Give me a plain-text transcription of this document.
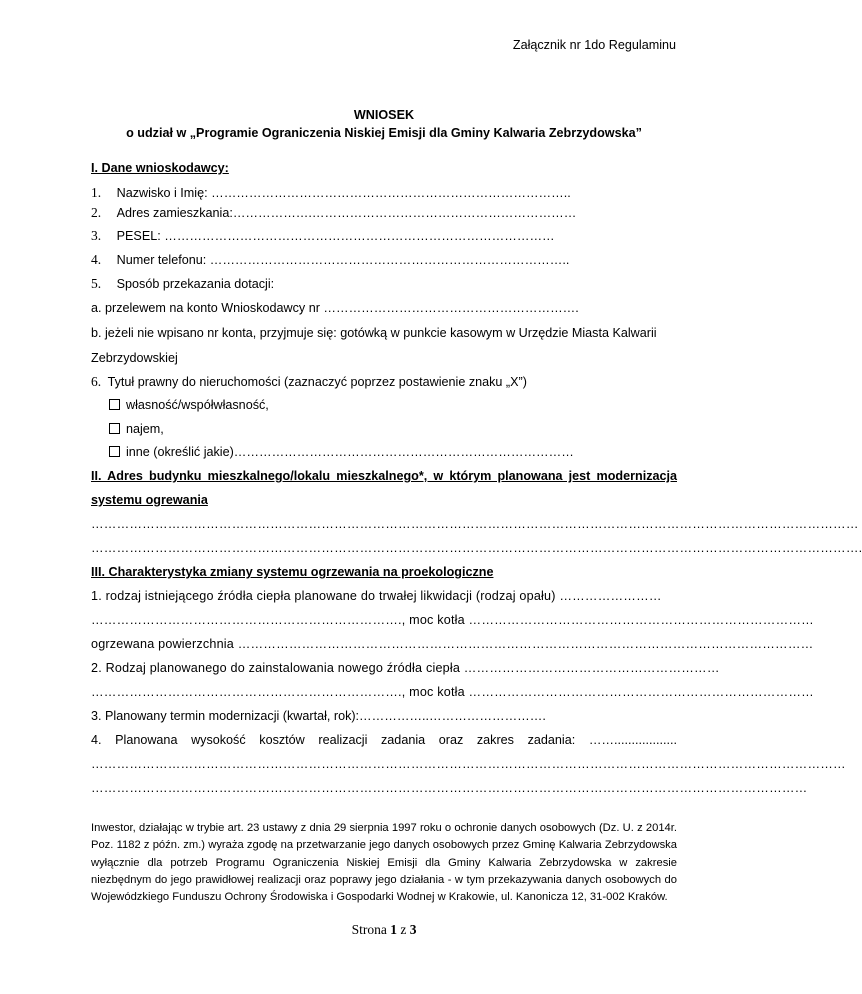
Załącznik nr 1do Regulaminu
WNIOSEK
o udział w „Programie Ograniczenia Niskiej Emisji dla Gminy Kalwaria Zebrzydowska”
I. Dane wnioskodawcy:
1. Nazwisko i Imię: …………………………………………………………………………..
2. Adres zamieszkania:……………….………………………………………………………
3. PESEL: …………………………………………………………………………………
4. Numer telefonu: …………………………………………………………………………..
5. Sposób przekazania dotacji:
a. przelewem na konto Wnioskodawcy nr …………………………………………………….
b. jeżeli nie wpisano nr konta, przyjmuje się: gotówką w punkcie kasowym w Urzędzie Miasta Kalwarii
Zebrzydowskiej
6. Tytuł prawny do nieruchomości (zaznaczyć poprzez postawienie znaku „X”)
własność/współwłasność,
najem,
inne (określić jakie)………………………………………………………………………
II. Adres budynku mieszkalnego/lokalu mieszkalnego*, w którym planowana jest modernizacja
systemu ogrewania
………………………………………………………………………………………………………………………………………………………………
……………………………………………………………………………………………………………………………………………………………….
III. Charakterystyka zmiany systemu ogrzewania na proekologiczne
1. rodzaj istniejącego źródła ciepła planowane do trwałej likwidacji (rodzaj opału) ……………………
………………………………………………………………., moc kotła ………………………………………………………………………
ogrzewana powierzchnia ………………………………………………………………………………………………………………………
2. Rodzaj planowanego do zainstalowania nowego źródła ciepła ……………………………………………………
………………………………………………………………., moc kotła ………………………………………………………………………
3. Planowany termin modernizacji (kwartał, rok):……………..……………………….
4. Planowana wysokość kosztów realizacji zadania oraz zakres zadania: ……..................
……………………………………………………………………………………………………………………………………………………………
……………………………………………………………………………………………………………………………………………………
Inwestor, działając w trybie art. 23 ustawy z dnia 29 sierpnia 1997 roku o ochronie danych osobowych (Dz. U. z 2014r. Poz. 1182 z późn. zm.) wyraża zgodę na przetwarzanie jego danych osobowych przez Gminę Kalwaria Zebrzydowska wyłącznie dla potrzeb Programu Ograniczenia Niskiej Emisji dla Gminy Kalwaria Zebrzydowska w zakresie niezbędnym do jego prawidłowej realizacji oraz poprawy jego działania - w tym przekazywania danych osobowych do Wojewódzkiego Funduszu Ochrony Środowiska i Gospodarki Wodnej w Krakowie, ul. Kanonicza 12, 31-002 Kraków.
Strona 1 z 3
